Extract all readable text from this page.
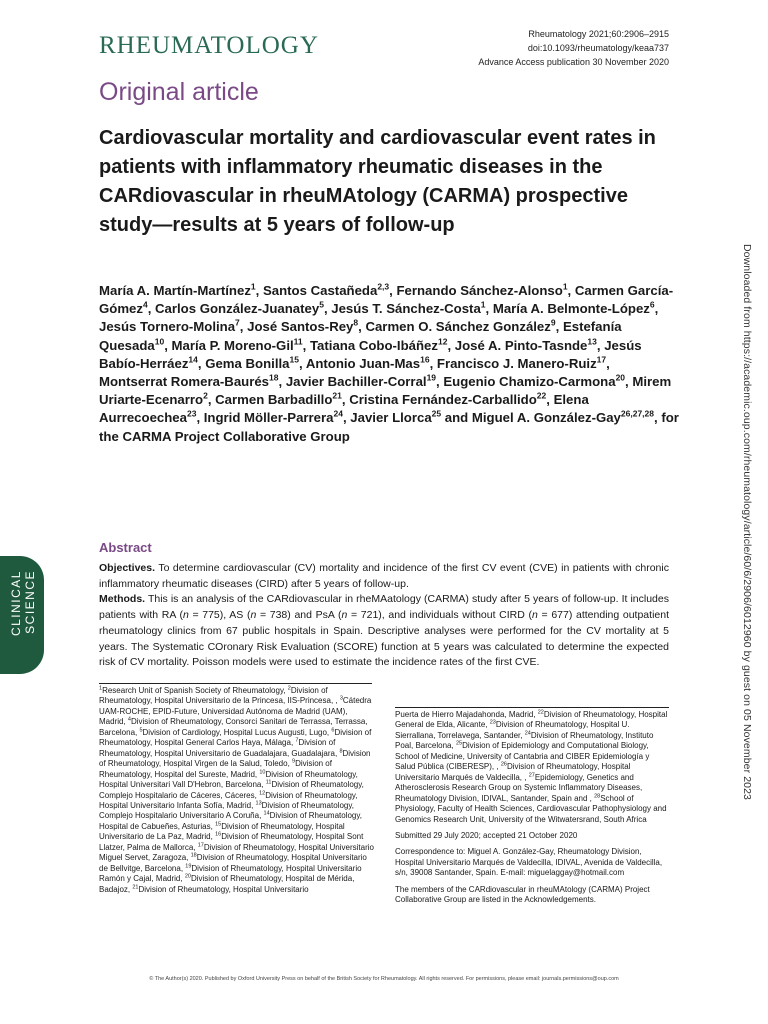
RHEUMATOLOGY	Rheumatology 2021;60:2906–2915
doi:10.1093/rheumatology/keaa737
Advance Access publication 30 November 2020
Original article
Cardiovascular mortality and cardiovascular event rates in patients with inflammatory rheumatic diseases in the CARdiovascular in rheuMAtology (CARMA) prospective study—results at 5 years of follow-up
María A. Martín-Martínez$^1$, Santos Castañeda$^{2,3}$, Fernando Sánchez-Alonso$^1$, Carmen García-Gómez$^4$, Carlos González-Juanatey$^5$, Jesús T. Sánchez-Costa$^1$, María A. Belmonte-López$^6$, Jesús Tornero-Molina$^7$, José Santos-Rey$^8$, Carmen O. Sánchez González$^9$, Estefanía Quesada$^{10}$, María P. Moreno-Gil$^{11}$, Tatiana Cobo-Ibáñez$^{12}$, José A. Pinto-Tasnde$^{13}$, Jesús Babío-Herráez$^{14}$, Gema Bonilla$^{15}$, Antonio Juan-Mas$^{16}$, Francisco J. Manero-Ruiz$^{17}$, Montserrat Romera-Baurés$^{18}$, Javier Bachiller-Corral$^{19}$, Eugenio Chamizo-Carmona$^{20}$, Mirem Uriarte-Ecenarro$^2$, Carmen Barbadillo$^{21}$, Cristina Fernández-Carballido$^{22}$, Elena Aurrecoechea$^{23}$, Ingrid Möller-Parrera$^{24}$, Javier Llorca$^{25}$ and Miguel A. González-Gay$^{26,27,28}$, for the CARMA Project Collaborative Group	Downloaded from https://academic.oup.com/rheumatology/article/60/6/2906/6012960 by guest on 05 November 2023
CLINICAL SCIENCE
Abstract

Objectives. To determine cardiovascular (CV) mortality and incidence of the first CV event (CVE) in patients with chronic inflammatory rheumatic diseases (CIRD) after 5 years of follow-up.

Methods. This is an analysis of the CARdiovascular in rheMAatology (CARMA) study after 5 years of follow-up. It includes patients with RA (n = 775), AS (n = 738) and PsA (n = 721), and individuals without CIRD (n = 677) attending outpatient rheumatology clinics from 67 public hospitals in Spain. Descriptive analyses were performed for the CV mortality at 5 years. The Systematic COronary Risk Evaluation (SCORE) function at 5 years was calculated to determine the expected risk of CV mortality. Poisson models were used to estimate the incidence rates of the first CVE.

$^1$Research Unit of Spanish Society of Rheumatology, $^2$Division of Rheumatology, Hospital Universitario de la Princesa, IIS-Princesa, , $^3$Cátedra UAM-ROCHE, EPID-Future, Universidad Autónoma de Madrid (UAM), Madrid, $^4$Division of Rheumatology, Consorci Sanitari de Terrassa, Terrassa, Barcelona, $^5$Division of Cardiology, Hospital Lucus Augusti, Lugo, $^6$Division of Rheumatology, Hospital General Carlos Haya, Málaga, $^7$Division of Rheumatology, Hospital Universitario de Guadalajara, Guadalajara, $^8$Division of Rheumatology, Hospital Virgen de la Salud, Toledo, $^9$Division of Rheumatology, Hospital del Sureste, Madrid, $^{10}$Division of Rheumatology, Hospital Universitari Vall D'Hebron, Barcelona, $^{11}$Division of Rheumatology, Complejo Hospitalario de Cáceres, Cáceres, $^{12}$Division of Rheumatology, Hospital Universitario Infanta Sofía, Madrid, $^{13}$Division of Rheumatology, Complejo Hospitalario Universitario A Coruña, $^{14}$Division of Rheumatology, Hospital de Cabueñes, Asturias, $^{15}$Division of Rheumatology, Hospital Universitario de La Paz, Madrid, $^{16}$Division of Rheumatology, Hospital Sont Llatzer, Palma de Mallorca, $^{17}$Division of Rheumatology, Hospital Universitario Miguel Servet, Zaragoza, $^{18}$Division of Rheumatology, Hospital Universitario de Bellvitge, Barcelona, $^{19}$Division of Rheumatology, Hospital Universitario Ramón y Cajal, Madrid, $^{20}$Division of Rheumatology, Hospital de Mérida, Badajoz, $^{21}$Division of Rheumatology, Hospital Universitario

Puerta de Hierro Majadahonda, Madrid, $^{22}$Division of Rheumatology, Hospital General de Elda, Alicante, $^{23}$Division of Rheumatology, Hospital U. Sierrallana, Torrelavega, Santander, $^{24}$Division of Rheumatology, Instituto Poal, Barcelona, $^{25}$Division of Epidemiology and Computational Biology, School of Medicine, University of Cantabria and CIBER Epidemiología y Salud Pública (CIBERESP), , $^{26}$Division of Rheumatology, Hospital Universitario Marqués de Valdecilla, , $^{27}$Epidemiology, Genetics and Atherosclerosis Research Group on Systemic Inflammatory Diseases, Rheumatology Division, IDIVAL, Santander, Spain and , $^{28}$School of Physiology, Faculty of Health Sciences, Cardiovascular Pathophysiology and Genomics Research Unit, University of the Witwatersrand, South Africa

Submitted 29 July 2020; accepted 21 October 2020

Correspondence to: Miguel A. González-Gay, Rheumatology Division, Hospital Universitario Marqués de Valdecilla, IDIVAL, Avenida de Valdecilla, s/n, 39008 Santander, Spain. E-mail: miguelaggay@hotmail.com

The members of the CARdiovascular in rheuMAtology (CARMA) Project Collaborative Group are listed in the Acknowledgements.

© The Author(s) 2020. Published by Oxford University Press on behalf of the British Society for Rheumatology. All rights reserved. For permissions, please email: journals.permissions@oup.com
